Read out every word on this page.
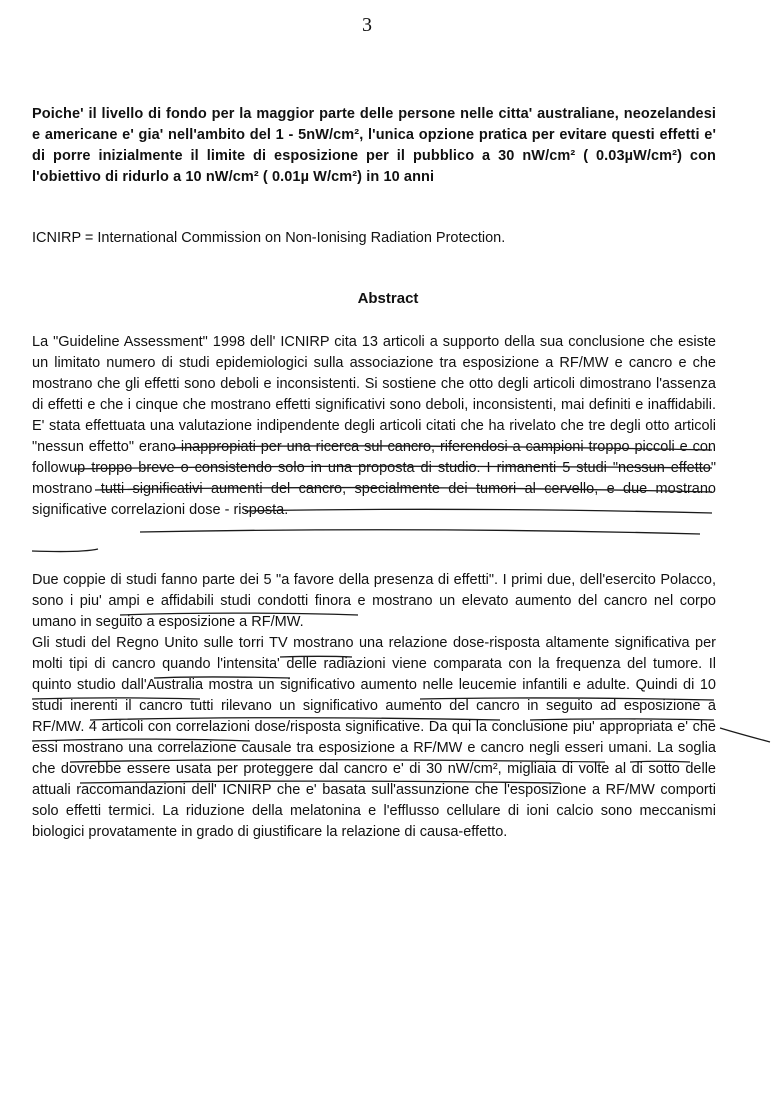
3
Poiche' il livello di fondo per la maggior parte delle persone nelle citta' australiane, neozelandesi e americane e' gia' nell'ambito del 1 - 5nW/cm², l'unica opzione pratica per evitare questi effetti e' di porre inizialmente il limite di esposizione per il pubblico a 30 nW/cm² ( 0.03µW/cm²) con l'obiettivo di ridurlo a 10 nW/cm² ( 0.01µ W/cm²) in 10 anni
ICNIRP = International Commission on Non-Ionising Radiation Protection.
Abstract
La "Guideline Assessment" 1998 dell' ICNIRP cita 13 articoli a supporto della sua conclusione che esiste un limitato numero di studi epidemiologici sulla associazione tra esposizione a RF/MW e cancro e che mostrano che gli effetti sono deboli e inconsistenti. Si sostiene che otto degli articoli dimostrano l'assenza di effetti e che i cinque che mostrano effetti significativi sono deboli, inconsistenti, mai definiti e inaffidabili. E' stata effettuata una valutazione indipendente degli articoli citati che ha rivelato che tre degli otto articoli "nessun effetto" erano inappropiati per una ricerca sul cancro, riferendosi a campioni troppo piccoli e con followup troppo breve o consistendo solo in una proposta di studio. I rimanenti 5 studi "nessun effetto" mostrano tutti significativi aumenti del cancro, specialmente dei tumori al cervello, e due mostrano significative correlazioni dose - risposta.

Due coppie di studi fanno parte dei 5 "a favore della presenza di effetti". I primi due, dell'esercito Polacco, sono i piu' ampi e affidabili studi condotti finora e mostrano un elevato aumento del cancro nel corpo umano in seguito a esposizione a RF/MW.

Gli studi del Regno Unito sulle torri TV mostrano una relazione dose-risposta altamente significativa per molti tipi di cancro quando l'intensita' delle radiazioni viene comparata con la frequenza del tumore. Il quinto studio dall'Australia mostra un significativo aumento nelle leucemie infantili e adulte. Quindi di 10 studi inerenti il cancro tutti rilevano un significativo aumento del cancro in seguito ad esposizione a RF/MW. 4 articoli con correlazioni dose/risposta significative. Da qui la conclusione piu' appropriata e' che essi mostrano una correlazione causale tra esposizione a RF/MW e cancro negli esseri umani. La soglia che dovrebbe essere usata per proteggere dal cancro e' di 30 nW/cm², migliaia di volte al di sotto delle attuali raccomandazioni dell' ICNIRP che e' basata sull'assunzione che l'esposizione a RF/MW comporti solo effetti termici. La riduzione della melatonina e l'efflusso cellulare di ioni calcio sono meccanismi biologici provatamente in grado di giustificare la relazione di causa-effetto.
